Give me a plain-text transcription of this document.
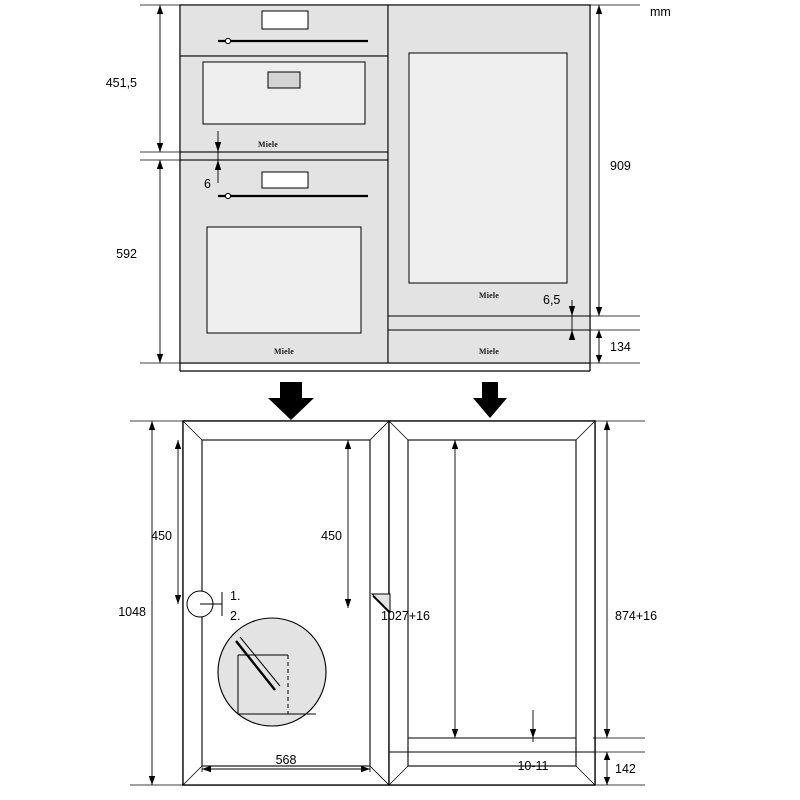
mm
Miele
Miele
Miele
Miele
451,5
592
6
909
6,5
134
1.
2.
1048
450	450
1027+16	874+16
142
10-11
568
